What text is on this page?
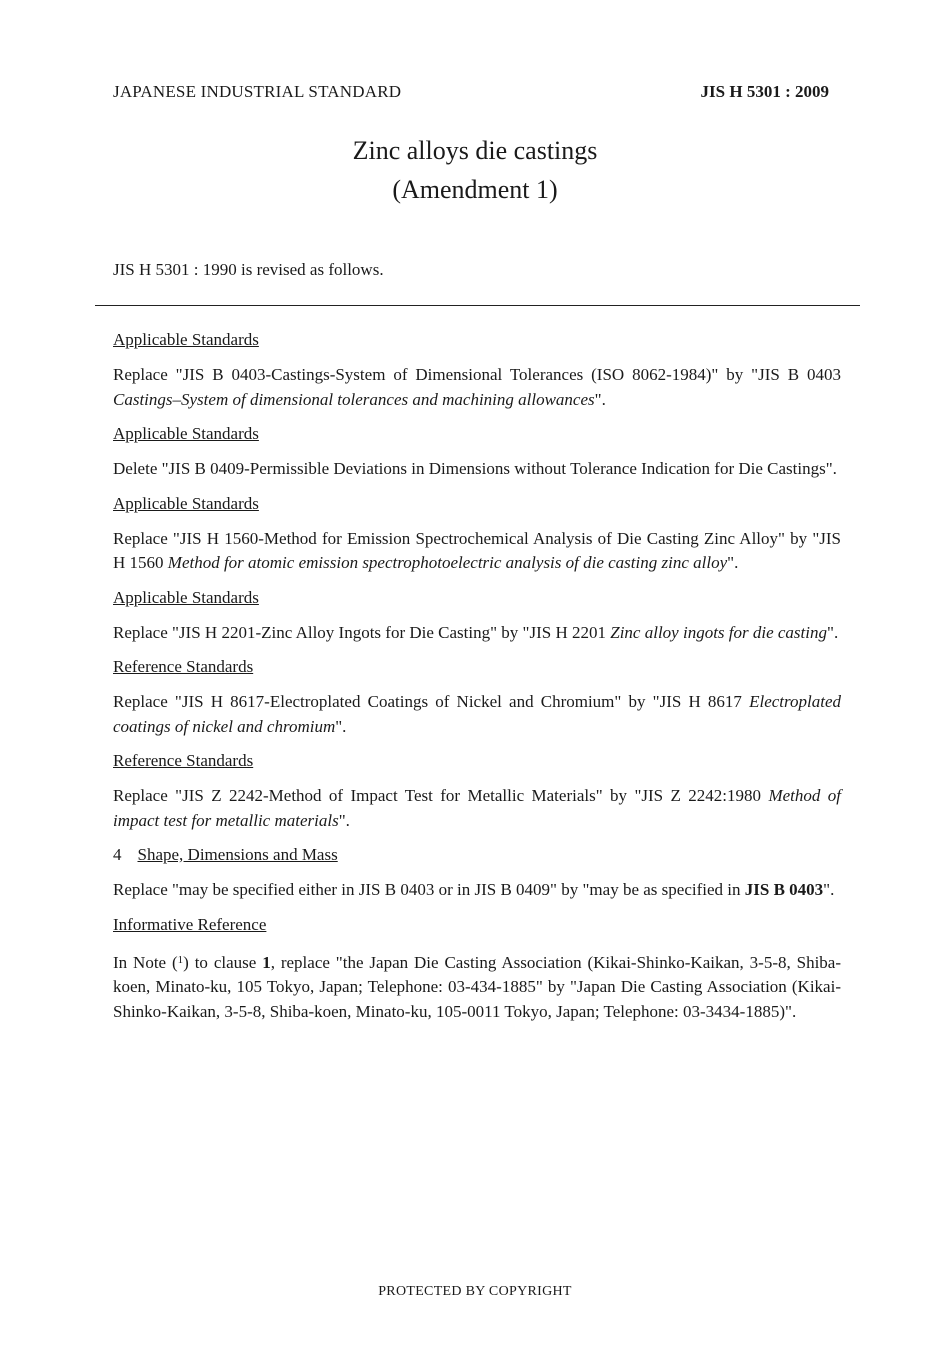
JAPANESE INDUSTRIAL STANDARD	JIS H 5301 : 2009
Zinc alloys die castings
(Amendment 1)
JIS H 5301 : 1990 is revised as follows.
Applicable Standards
Replace "JIS B 0403-Castings-System of Dimensional Tolerances (ISO 8062-1984)" by "JIS B 0403 Castings–System of dimensional tolerances and machining allowances".
Applicable Standards
Delete "JIS B 0409-Permissible Deviations in Dimensions without Tolerance Indication for Die Castings".
Applicable Standards
Replace "JIS H 1560-Method for Emission Spectrochemical Analysis of Die Casting Zinc Alloy" by "JIS H 1560 Method for atomic emission spectrophotoelectric analysis of die casting zinc alloy".
Applicable Standards
Replace "JIS H 2201-Zinc Alloy Ingots for Die Casting" by "JIS H 2201 Zinc alloy ingots for die casting".
Reference Standards
Replace "JIS H 8617-Electroplated Coatings of Nickel and Chromium" by "JIS H 8617 Electroplated coatings of nickel and chromium".
Reference Standards
Replace "JIS Z 2242-Method of Impact Test for Metallic Materials" by "JIS Z 2242:1980 Method of impact test for metallic materials".
4 Shape, Dimensions and Mass
Replace "may be specified either in JIS B 0403 or in JIS B 0409" by "may be as specified in JIS B 0403".
Informative Reference
In Note ($^1$) to clause 1, replace "the Japan Die Casting Association (Kikai-Shinko-Kaikan, 3-5-8, Shiba-koen, Minato-ku, 105 Tokyo, Japan; Telephone: 03-434-1885" by "Japan Die Casting Association (Kikai-Shinko-Kaikan, 3-5-8, Shiba-koen, Minato-ku, 105-0011 Tokyo, Japan; Telephone: 03-3434-1885)".
PROTECTED BY COPYRIGHT
